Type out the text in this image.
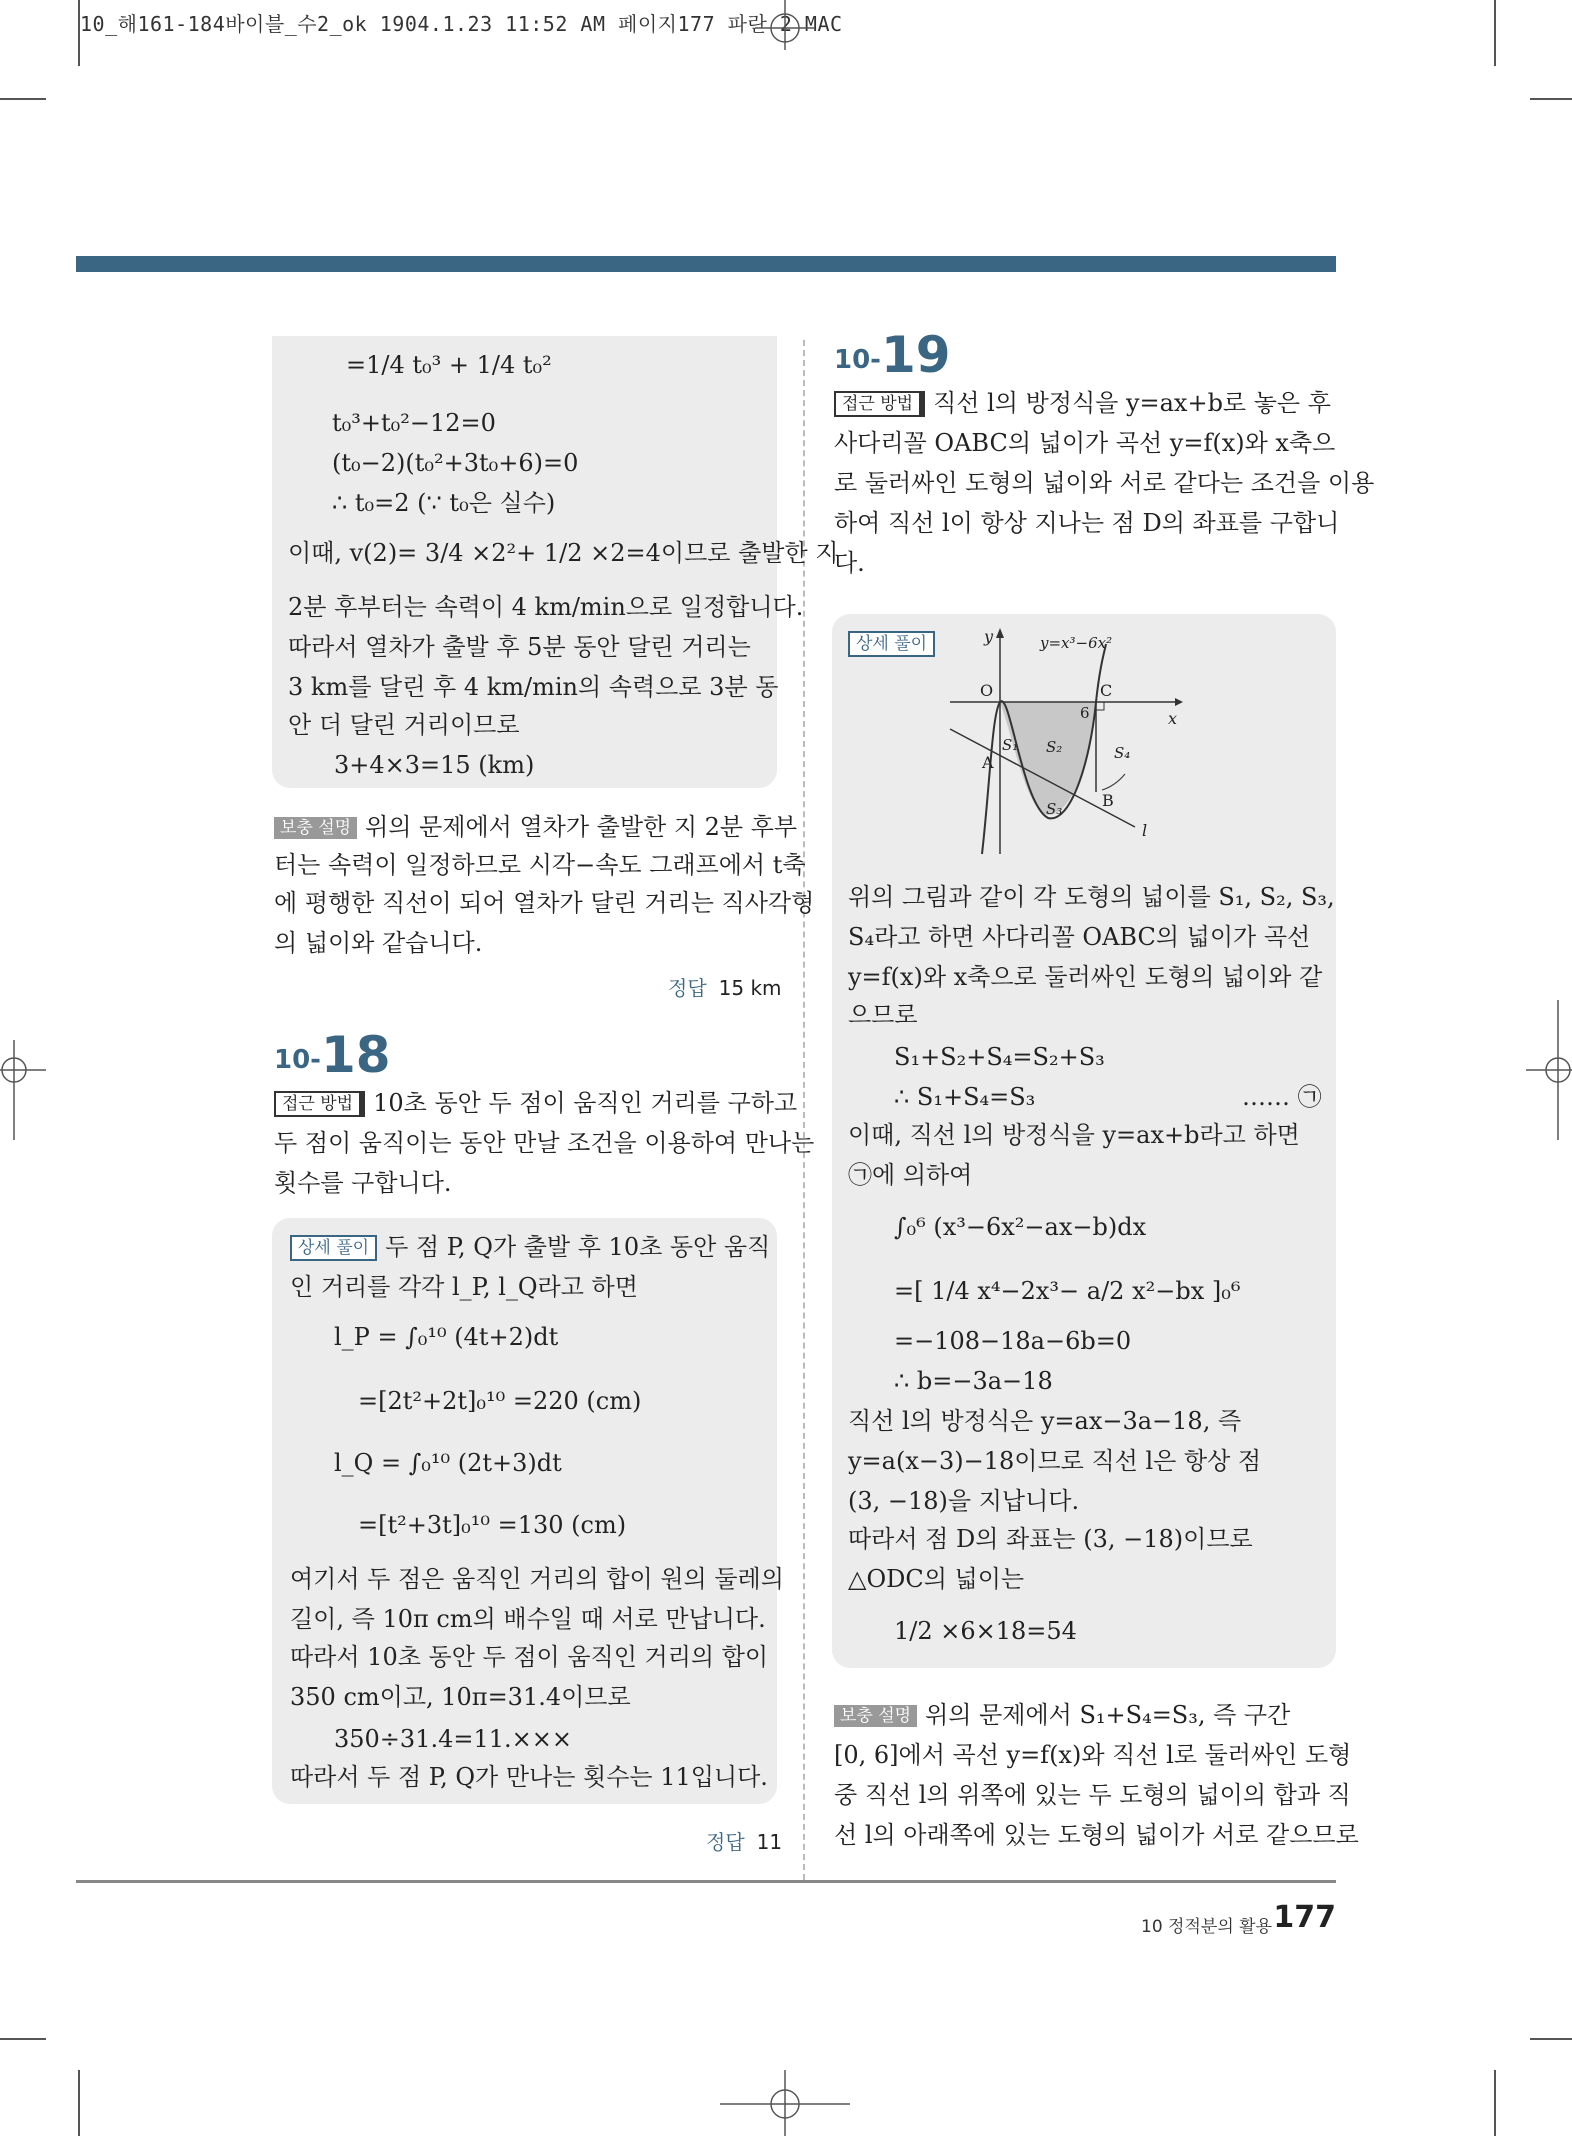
10_해161-184바이블_수2_ok 1904.1.23 11:52 AM 페이지177 파란 2 MAC
=1/4 t₀³ + 1/4 t₀²
t₀³+t₀²−12=0
(t₀−2)(t₀²+3t₀+6)=0
∴ t₀=2 (∵ t₀은 실수)
이때, v(2)= 3/4 ×2²+ 1/2 ×2=4이므로 출발한 지
2분 후부터는 속력이 4 km/min으로 일정합니다.
따라서 열차가 출발 후 5분 동안 달린 거리는
3 km를 달린 후 4 km/min의 속력으로 3분 동
안 더 달린 거리이므로
3+4×3=15 (km)
보충 설명 위의 문제에서 열차가 출발한 지 2분 후부
터는 속력이 일정하므로 시각−속도 그래프에서 t축
에 평행한 직선이 되어 열차가 달린 거리는 직사각형
의 넓이와 같습니다.
정답 15 km
10-18
접근 방법 10초 동안 두 점이 움직인 거리를 구하고
두 점이 움직이는 동안 만날 조건을 이용하여 만나는
횟수를 구합니다.
상세 풀이 두 점 P, Q가 출발 후 10초 동안 움직
인 거리를 각각 l_P, l_Q라고 하면
l_P = ∫₀¹⁰ (4t+2)dt
=[2t²+2t]₀¹⁰ =220 (cm)
l_Q = ∫₀¹⁰ (2t+3)dt
=[t²+3t]₀¹⁰ =130 (cm)
여기서 두 점은 움직인 거리의 합이 원의 둘레의
길이, 즉 10π cm의 배수일 때 서로 만납니다.
따라서 10초 동안 두 점이 움직인 거리의 합이
350 cm이고, 10π=31.4이므로
350÷31.4=11.×××
따라서 두 점 P, Q가 만나는 횟수는 11입니다.
정답 11
10-19
접근 방법 직선 l의 방정식을 y=ax+b로 놓은 후
사다리꼴 OABC의 넓이가 곡선 y=f(x)와 x축으
로 둘러싸인 도형의 넓이와 서로 같다는 조건을 이용
하여 직선 l이 항상 지나는 점 D의 좌표를 구합니
다.
상세 풀이	y	y=x³−6x²
O	C
6	x
A
S₁ S₂	S₄
B
S₃
l
위의 그림과 같이 각 도형의 넓이를 S₁, S₂, S₃,
S₄라고 하면 사다리꼴 OABC의 넓이가 곡선
y=f(x)와 x축으로 둘러싸인 도형의 넓이와 같
으므로
S₁+S₂+S₄=S₂+S₃
∴ S₁+S₄=S₃	…… ㉠
이때, 직선 l의 방정식을 y=ax+b라고 하면
㉠에 의하여
∫₀⁶ (x³−6x²−ax−b)dx
=[ 1/4 x⁴−2x³− a/2 x²−bx ]₀⁶
=−108−18a−6b=0
∴ b=−3a−18
직선 l의 방정식은 y=ax−3a−18, 즉
y=a(x−3)−18이므로 직선 l은 항상 점
(3, −18)을 지납니다.
따라서 점 D의 좌표는 (3, −18)이므로
△ODC의 넓이는
1/2 ×6×18=54
보충 설명 위의 문제에서 S₁+S₄=S₃, 즉 구간
[0, 6]에서 곡선 y=f(x)와 직선 l로 둘러싸인 도형
중 직선 l의 위쪽에 있는 두 도형의 넓이의 합과 직
선 l의 아래쪽에 있는 도형의 넓이가 서로 같으므로
10 정적분의 활용 177
